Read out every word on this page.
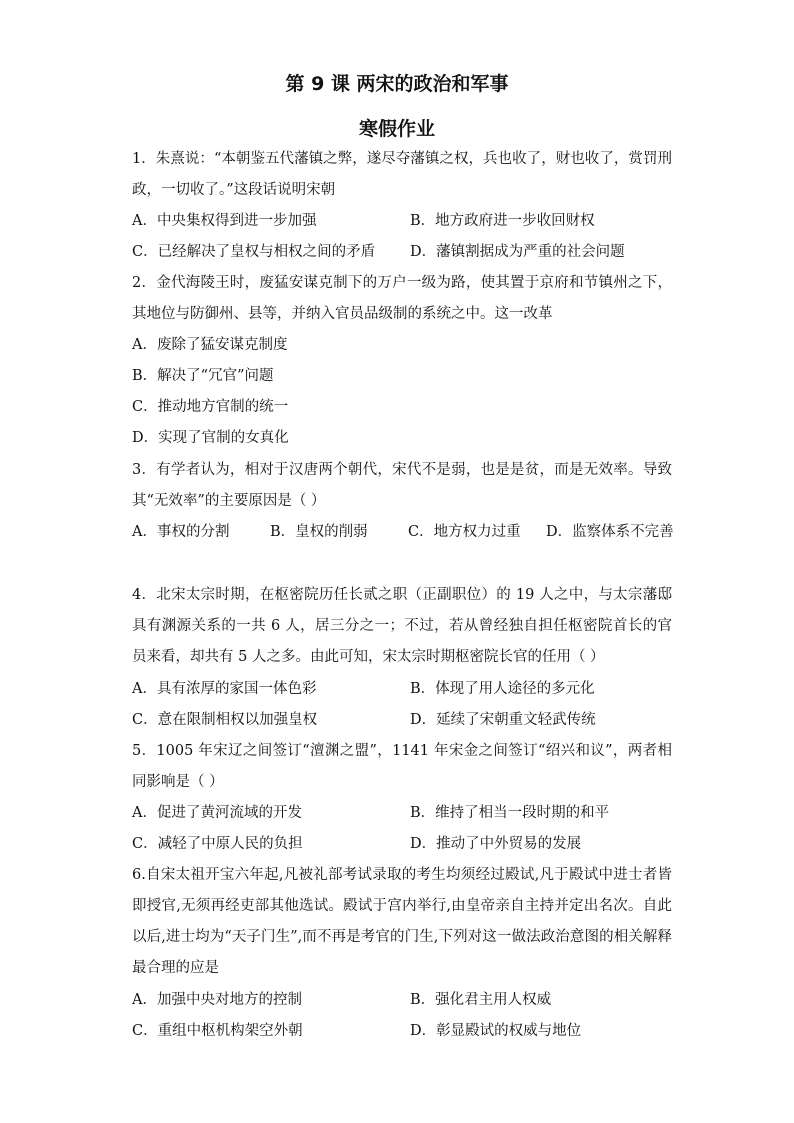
第 9 课 两宋的政治和军事
寒假作业
1．朱熹说：“本朝鉴五代藩镇之弊，遂尽夺藩镇之权，兵也收了，财也收了，赏罚刑政，一切收了。”这段话说明宋朝
A．中央集权得到进一步加强	B．地方政府进一步收回财权
C．已经解决了皇权与相权之间的矛盾 D．藩镇割据成为严重的社会问题
2．金代海陵王时，废猛安谋克制下的万户一级为路，使其置于京府和节镇州之下，其地位与防御州、县等，并纳入官员品级制的系统之中。这一改革
A．废除了猛安谋克制度
B．解决了“冗官”问题
C．推动地方官制的统一
D．实现了官制的女真化
3．有学者认为，相对于汉唐两个朝代，宋代不是弱，也是是贫，而是无效率。导致其“无效率”的主要原因是（ ）
A．事权的分割	B．皇权的削弱	C．地方权力过重 D．监察体系不完善
4．北宋太宗时期，在枢密院历任长贰之职（正副职位）的 19 人之中，与太宗藩邸具有渊源关系的一共 6 人，居三分之一；不过，若从曾经独自担任枢密院首长的官员来看，却共有 5 人之多。由此可知，宋太宗时期枢密院长官的任用（ ）
A．具有浓厚的家国一体色彩	B．体现了用人途径的多元化
C．意在限制相权以加强皇权	D．延续了宋朝重文轻武传统
5．1005 年宋辽之间签订“澶渊之盟”，1141 年宋金之间签订“绍兴和议”，两者相同影响是（ ）
A．促进了黄河流域的开发	B．维持了相当一段时期的和平
C．减轻了中原人民的负担	D．推动了中外贸易的发展
6.自宋太祖开宝六年起,凡被礼部考试录取的考生均须经过殿试,凡于殿试中进士者皆即授官,无须再经吏部其他选试。殿试于宫内举行,由皇帝亲自主持并定出名次。自此以后,进士均为“天子门生”,而不再是考官的门生,下列对这一做法政治意图的相关解释最合理的应是
A．加强中央对地方的控制	B．强化君主用人权威
C．重组中枢机构架空外朝	D．彰显殿试的权威与地位
